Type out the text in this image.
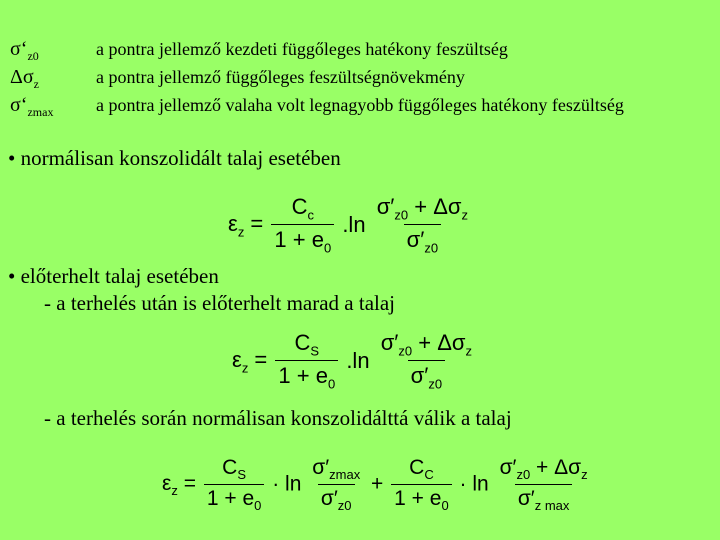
$\sigma‘_{z0}$	a pontra jellemző kezdeti függőleges hatékony feszültség
$\Delta\sigma_z$	a pontra jellemző függőleges feszültségnövekmény
$\sigma‘_{zmax}$	a pontra jellemző valaha volt legnagyobb függőleges hatékony feszültség
• normálisan konszolidált talaj esetében
$\varepsilon_z = \frac{C_c}{1 + e_0} .\ln \frac{\sigma'_{z0} + \Delta\sigma_z}{\sigma'_{z0}}$
• előterhelt talaj esetében
- a terhelés után is előterhelt marad a talaj
$\varepsilon_z = \frac{C_S}{1 + e_0} .\ln \frac{\sigma'_{z0} + \Delta\sigma_z}{\sigma'_{z0}}$
- a terhelés során normálisan konszolidálttá válik a talaj
$\varepsilon_z = \frac{C_S}{1 + e_0} \cdot \ln \frac{\sigma'_{zmax}}{\sigma'_{z0}} + \frac{C_C}{1 + e_0} \cdot \ln \frac{\sigma'_{z0} + \Delta\sigma_z}{\sigma'_{z max}}$
